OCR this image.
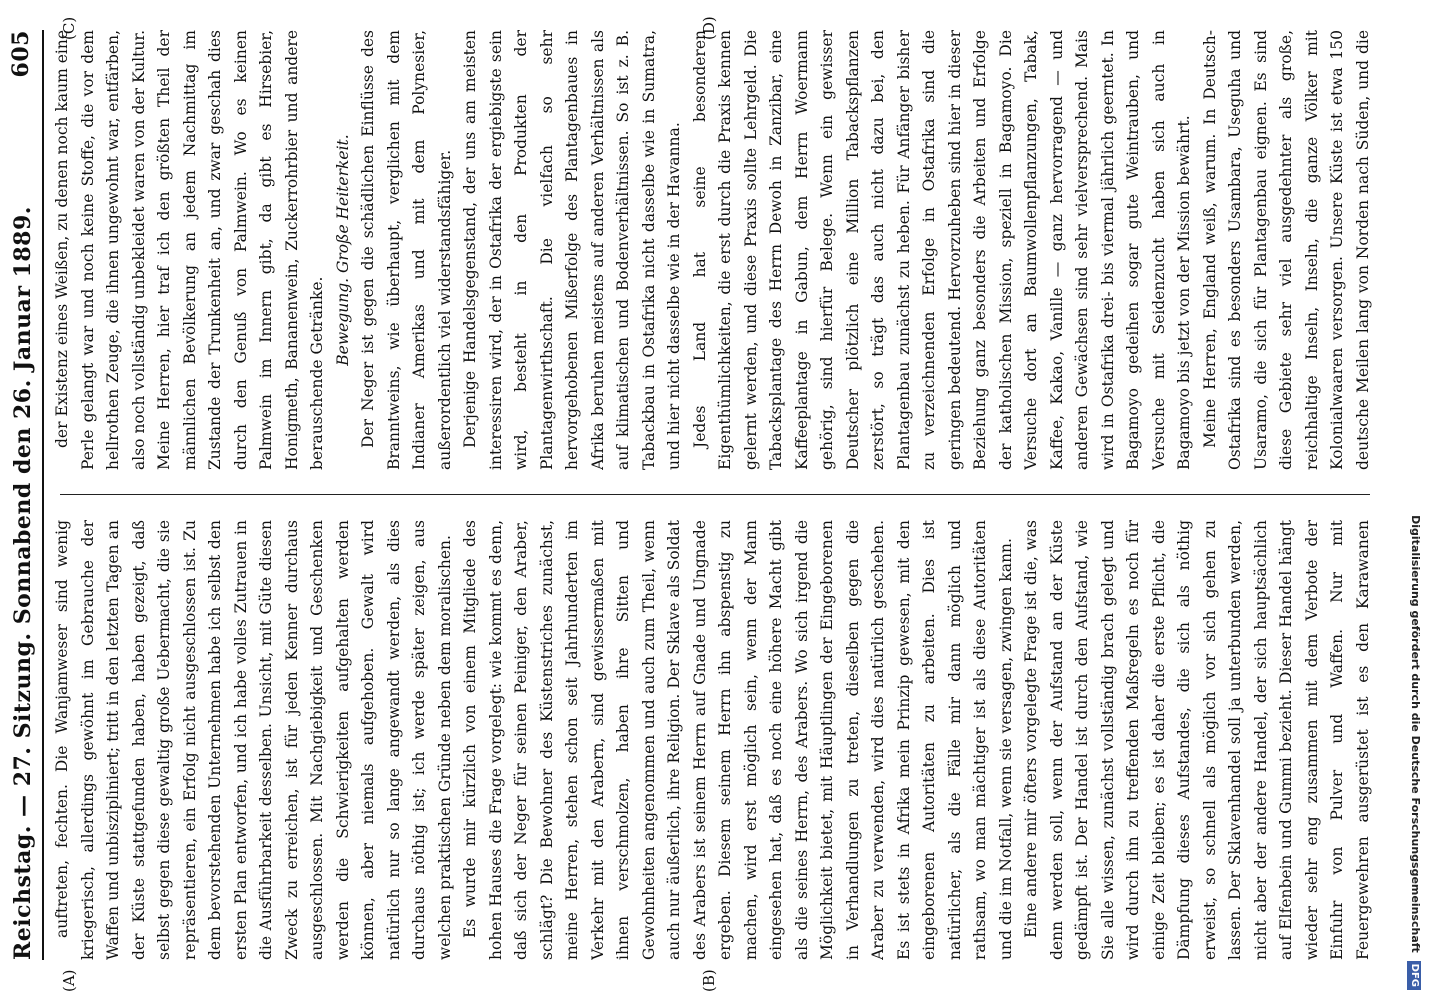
Reichstag. — 27. Sitzung. Sonnabend den 26. Januar 1889.
605

auftreten, fechten. Die Wanjamweser sind wenig kriegerisch, allerdings gewöhnt im Gebrauche der Waffen und unbiszipliniert; tritt in den letzten Tagen an der Küste stattgefunden haben, haben gezeigt, daß selbst gegen diese gewaltig große Uebermacht, die sie repräsentieren, ein Erfolg nicht ausgeschlossen ist. Zu dem bevorstehenden Unternehmen habe ich selbst den ersten Plan entworfen, und ich habe volles Zutrauen in die Ausführbarkeit desselben. Unsicht, mit Güte diesen Zweck zu erreichen, ist für jeden Kenner durchaus ausgeschlossen. Mit Nachgiebigkeit und Geschenken werden die Schwierigkeiten aufgehalten werden können, aber niemals aufgehoben. Gewalt wird natürlich nur so lange angewandt werden, als dies durchaus nöthig ist; ich werde später zeigen, aus welchen praktischen Gründe neben dem moralischen. Es wurde mir kürzlich von einem Mitgliede des hohen Hauses die Frage vorgelegt: wie kommt es denn, daß sich der Neger für seinen Peiniger, den Araber, schlägt? Die Bewohner des Küstenstriches zunächst, meine Herren, stehen schon seit Jahrhunderten im Verkehr mit den Arabern, sind gewissermaßen mit ihnen verschmolzen, haben ihre Sitten und Gewohnheiten angenommen und auch zum Theil, wenn auch nur äußerlich, ihre Religion. Der Sklave als Soldat des Arabers ist seinem Herrn auf Gnade und Ungnade ergeben. Diesem seinem Herrn ihn abspenstig zu machen, wird erst möglich sein, wenn der Mann eingesehen hat, daß es noch eine höhere Macht gibt als die seines Herrn, des Arabers. Wo sich irgend die Möglichkeit bietet, mit Häuptlingen der Eingeborenen in Verhandlungen zu treten, dieselben gegen die Araber zu verwenden, wird dies natürlich geschehen. Es ist stets in Afrika mein Prinzip gewesen, mit den eingeborenen Autoritäten zu arbeiten. Dies ist natürlicher, als die Fälle mir dann möglich und rathsam, wo man mächtiger ist als diese Autoritäten und die im Notfall, wenn sie versagen, zwingen kann. Eine andere mir öfters vorgelegte Frage ist die, was denn werden soll, wenn der Aufstand an der Küste gedämpft ist. Der Handel ist durch den Aufstand, wie Sie alle wissen, zunächst vollständig brach gelegt und wird durch ihn zu treffenden Maßregeln es noch für einige Zeit bleiben; es ist daher die erste Pflicht, die Dämpfung dieses Aufstandes, die sich als nöthig erweist, so schnell als möglich vor sich gehen zu lassen. Der Sklavenhandel soll ja unterbunden werden, nicht aber der andere Handel, der sich hauptsächlich auf Elfenbein und Gummi bezieht. Dieser Handel hängt wieder sehr eng zusammen mit dem Verbote der Einfuhr von Pulver und Waffen. Nur mit Feuergewehren ausgerüstet ist es den Karawanen

der Existenz eines Weißen, zu denen noch kaum eine Perle gelangt war und noch keine Stoffe, die vor dem hellrothen Zeuge, die ihnen ungewohnt war, entfärben, also noch vollständig unbekleidet waren von der Kultur. Meine Herren, hier traf ich den größten Theil der männlichen Bevölkerung an jedem Nachmittag im Zustande der Trunkenheit an, und zwar geschah dies durch den Genuß von Palmwein. Wo es keinen Palmwein im Innern gibt, da gibt es Hirsebier, Honigmeth, Bananenwein, Zuckerrohrbier und andere berauschende Getränke.

Bewegung. Große Heiterkeit. Der Neger ist gegen die schädlichen Einflüsse des Branntweins, wie überhaupt, verglichen mit dem Indianer Amerikas und mit dem Polynesier, außerordentlich viel widerstandsfähiger. Derjenige Handelsgegenstand, der uns am meisten interessiren wird, der in Ostafrika der ergiebigste sein wird, besteht in den Produkten der Plantagenwirthschaft. Die vielfach so sehr hervorgehobenen Mißerfolge des Plantagenbaues in Afrika beruhen meistens auf anderen Verhältnissen als auf klimatischen und Bodenverhältnissen. So ist z. B. Tabackbau in Ostafrika nicht dasselbe wie in Sumatra, und hier nicht dasselbe wie in der Havanna. Jedes Land hat seine besonderen Eigenthümlichkeiten, die erst durch die Praxis kennen gelernt werden, und diese Praxis sollte Lehrgeld. Die Tabacksplantage des Herrn Dewoh in Zanzibar, eine Kaffeeplantage in Gabun, dem Herrn Woermann gehörig, sind hierfür Belege. Wenn ein gewisser Deutscher plötzlich eine Million Tabackspflanzen zerstört, so trägt das auch nicht dazu bei, den Plantagenbau zunächst zu heben. Für Anfänger bisher zu verzeichnenden Erfolge in Ostafrika sind die geringen bedeutend. Hervorzuheben sind hier in dieser Beziehung ganz besonders die Arbeiten und Erfolge der katholischen Mission, speziell in Bagamoyo. Die Versuche dort an Baumwollenpflanzungen, Tabak, Kaffee, Kakao, Vanille — ganz hervorragend — und anderen Gewächsen sind sehr vielversprechend. Mais wird in Ostafrika drei- bis viermal jährlich geerntet. In Bagamoyo gedeihen sogar gute Weintrauben, und Versuche mit Seidenzucht haben sich auch in Bagamoyo bis jetzt von der Mission bewährt. Meine Herren, England weiß, warum. In Deutsch-Ostafrika sind es besonders Usambara, Useguha und Usaramo, die sich für Plantagenbau eignen. Es sind diese Gebiete sehr viel ausgedehnter als große, reichhaltige Inseln, Inseln, die ganze Völker mit Kolonialwaaren versorgen. Unsere Küste ist etwa 150 deutsche Meilen lang von Norden nach Süden, und die

(A)	(B)
(C)	(D)
Digitalisierung gefördert durch die Deutsche Forschungsgemeinschaft DFG
